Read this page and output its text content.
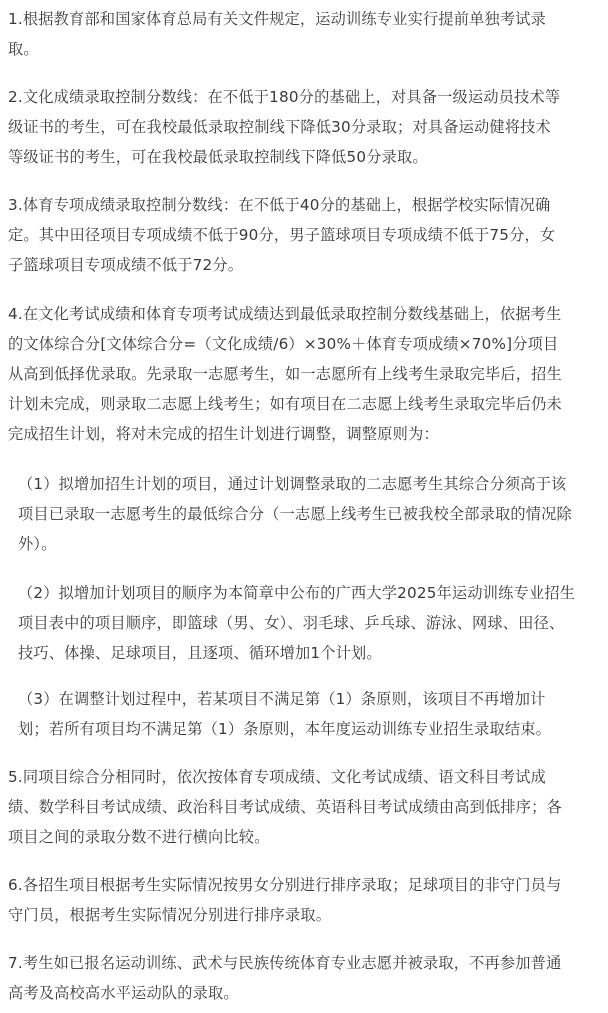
1.根据教育部和国家体育总局有关文件规定，运动训练专业实行提前单独考试录
取。

2.文化成绩录取控制分数线：在不低于180分的基础上，对具备一级运动员技术等
级证书的考生，可在我校最低录取控制线下降低30分录取；对具备运动健将技术
等级证书的考生，可在我校最低录取控制线下降低50分录取。

3.体育专项成绩录取控制分数线：在不低于40分的基础上，根据学校实际情况确
定。其中田径项目专项成绩不低于90分，男子篮球项目专项成绩不低于75分，女
子篮球项目专项成绩不低于72分。

4.在文化考试成绩和体育专项考试成绩达到最低录取控制分数线基础上，依据考生
的文体综合分[文体综合分=（文化成绩/6）×30%＋体育专项成绩×70%]分项目
从高到低择优录取。先录取一志愿考生，如一志愿所有上线考生录取完毕后，招生
计划未完成，则录取二志愿上线考生；如有项目在二志愿上线考生录取完毕后仍未
完成招生计划，将对未完成的招生计划进行调整，调整原则为：

（1）拟增加招生计划的项目，通过计划调整录取的二志愿考生其综合分须高于该
项目已录取一志愿考生的最低综合分（一志愿上线考生已被我校全部录取的情况除
外）。

（2）拟增加计划项目的顺序为本简章中公布的广西大学2025年运动训练专业招生
项目表中的项目顺序，即篮球（男、女）、羽毛球、乒乓球、游泳、网球、田径、
技巧、体操、足球项目，且逐项、循环增加1个计划。

（3）在调整计划过程中，若某项目不满足第（1）条原则，该项目不再增加计
划；若所有项目均不满足第（1）条原则，本年度运动训练专业招生录取结束。

5.同项目综合分相同时，依次按体育专项成绩、文化考试成绩、语文科目考试成
绩、数学科目考试成绩、政治科目考试成绩、英语科目考试成绩由高到低排序；各
项目之间的录取分数不进行横向比较。

6.各招生项目根据考生实际情况按男女分别进行排序录取；足球项目的非守门员与
守门员，根据考生实际情况分别进行排序录取。

7.考生如已报名运动训练、武术与民族传统体育专业志愿并被录取，不再参加普通
高考及高校高水平运动队的录取。
